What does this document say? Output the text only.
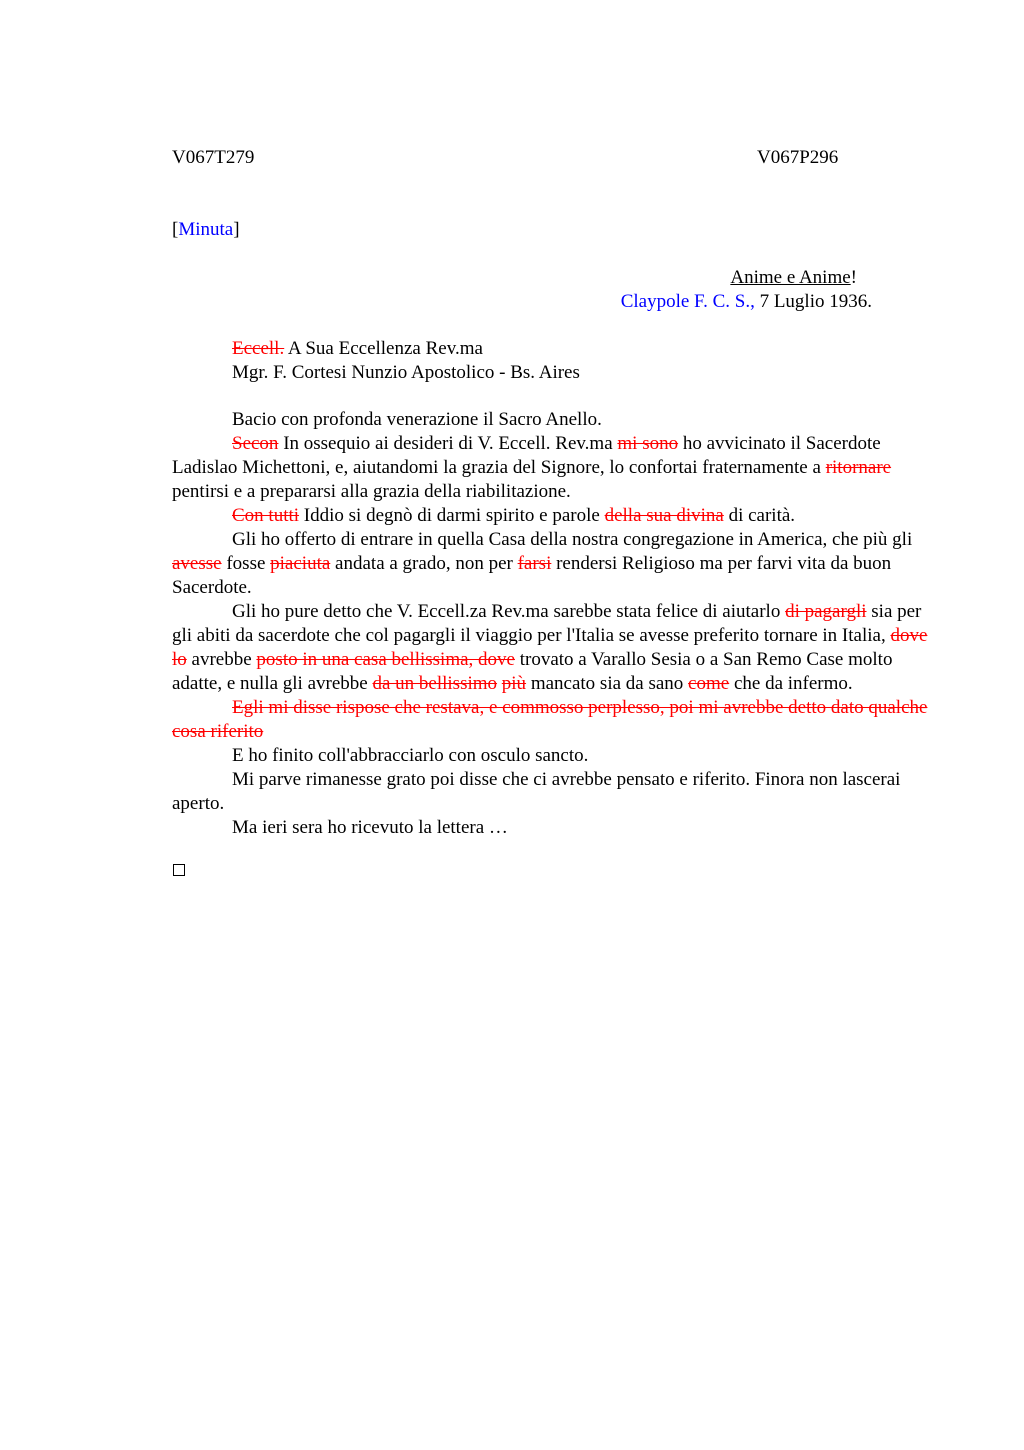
V067T279	V067P296
[Minuta]
Anime e Anime!
Claypole F. C. S., 7 Luglio 1936.
Eccell. A Sua Eccellenza Rev.ma
Mgr. F. Cortesi Nunzio Apostolico - Bs. Aires

Bacio con profonda venerazione il Sacro Anello.

Secon In ossequio ai desideri di V. Eccell. Rev.ma mi sono ho avvicinato il Sacerdote Ladislao Michettoni, e, aiutandomi la grazia del Signore, lo confortai fraternamente a ritornare pentirsi e a prepararsi alla grazia della riabilitazione.

Con tutti Iddio si degnò di darmi spirito e parole della sua divina di carità.

Gli ho offerto di entrare in quella Casa della nostra congregazione in America, che più gli avesse fosse piaciuta andata a grado, non per farsi rendersi Religioso ma per farvi vita da buon Sacerdote.

Gli ho pure detto che V. Eccell.za Rev.ma sarebbe stata felice di aiutarlo di pagargli sia per gli abiti da sacerdote che col pagargli il viaggio per l'Italia se avesse preferito tornare in Italia, dove lo avrebbe posto in una casa bellissima, dove trovato a Varallo Sesia o a San Remo Case molto adatte, e nulla gli avrebbe da un bellissimo più mancato sia da sano come che da infermo.

Egli mi disse rispose che restava, e commosso perplesso, poi mi avrebbe detto dato qualche cosa riferito

E ho finito coll'abbracciarlo con osculo sancto.

Mi parve rimanesse grato poi disse che ci avrebbe pensato e riferito. Finora non lascerai aperto.

Ma ieri sera ho ricevuto la lettera …
